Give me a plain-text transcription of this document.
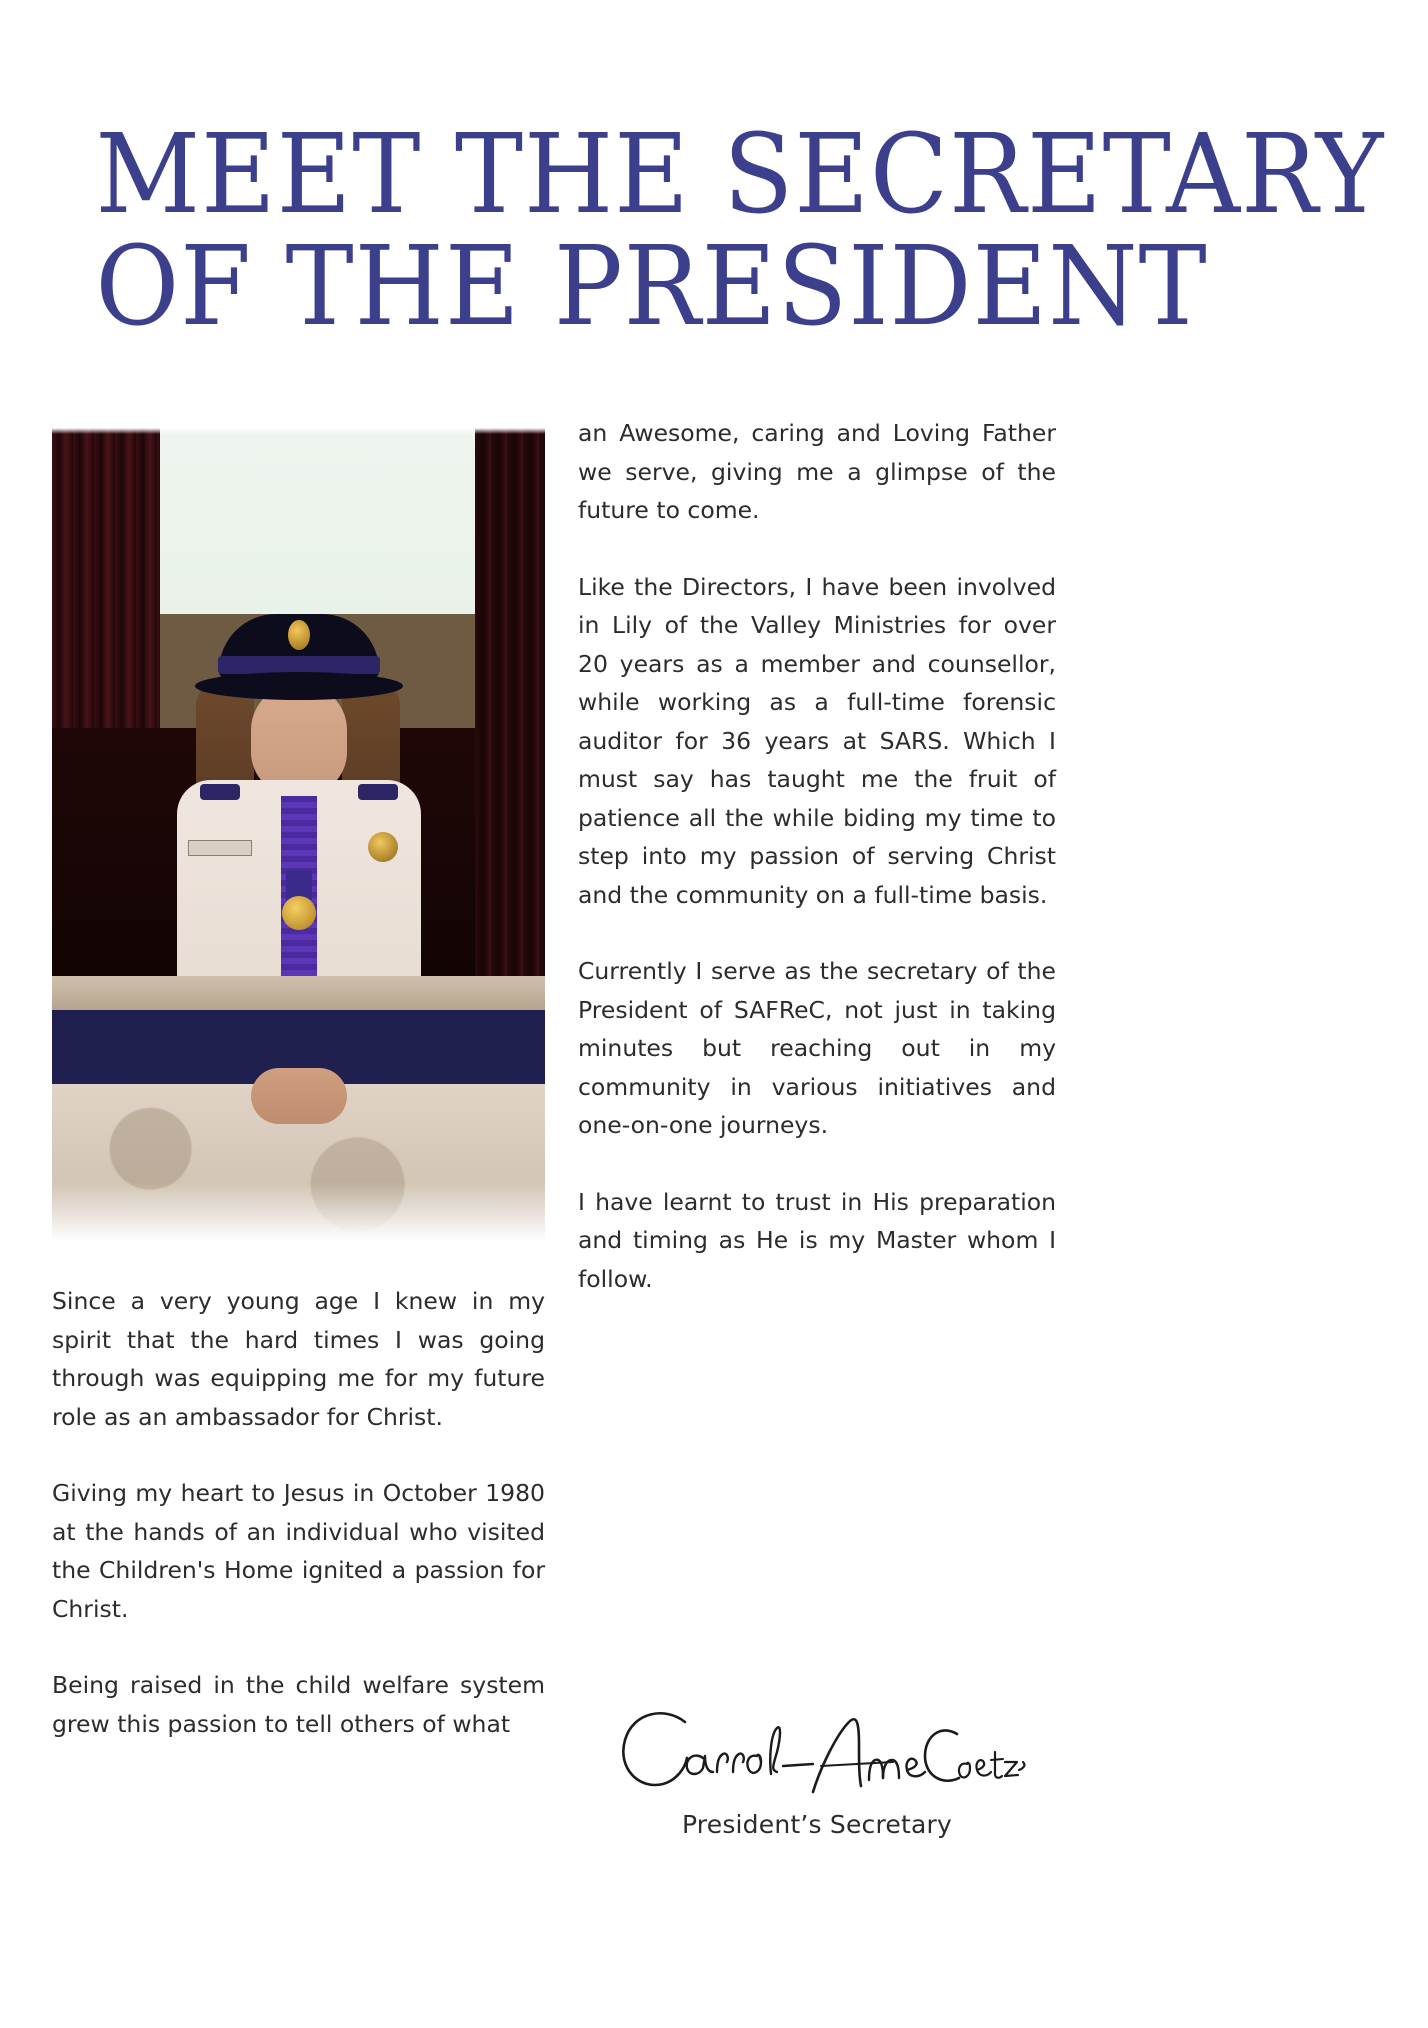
MEET THE SECRETARY
OF THE PRESIDENT

an Awesome, caring and Loving Father we serve, giving me a glimpse of the future to come.

Like the Directors, I have been involved in Lily of the Valley Ministries for over 20 years as a member and counsellor, while working as a full-time forensic auditor for 36 years at SARS. Which I must say has taught me the fruit of patience all the while biding my time to step into my passion of serving Christ and the community on a full-time basis.

Currently I serve as the secretary of the President of SAFReC, not just in taking minutes but reaching out in my community in various initiatives and one-on-one journeys.

I have learnt to trust in His preparation and timing as He is my Master whom I follow.

Since a very young age I knew in my spirit that the hard times I was going through was equipping me for my future role as an ambassador for Christ.

Giving my heart to Jesus in October 1980 at the hands of an individual who visited the Children's Home ignited a passion for Christ.

Being raised in the child welfare system grew this passion to tell others of what

President’s Secretary
